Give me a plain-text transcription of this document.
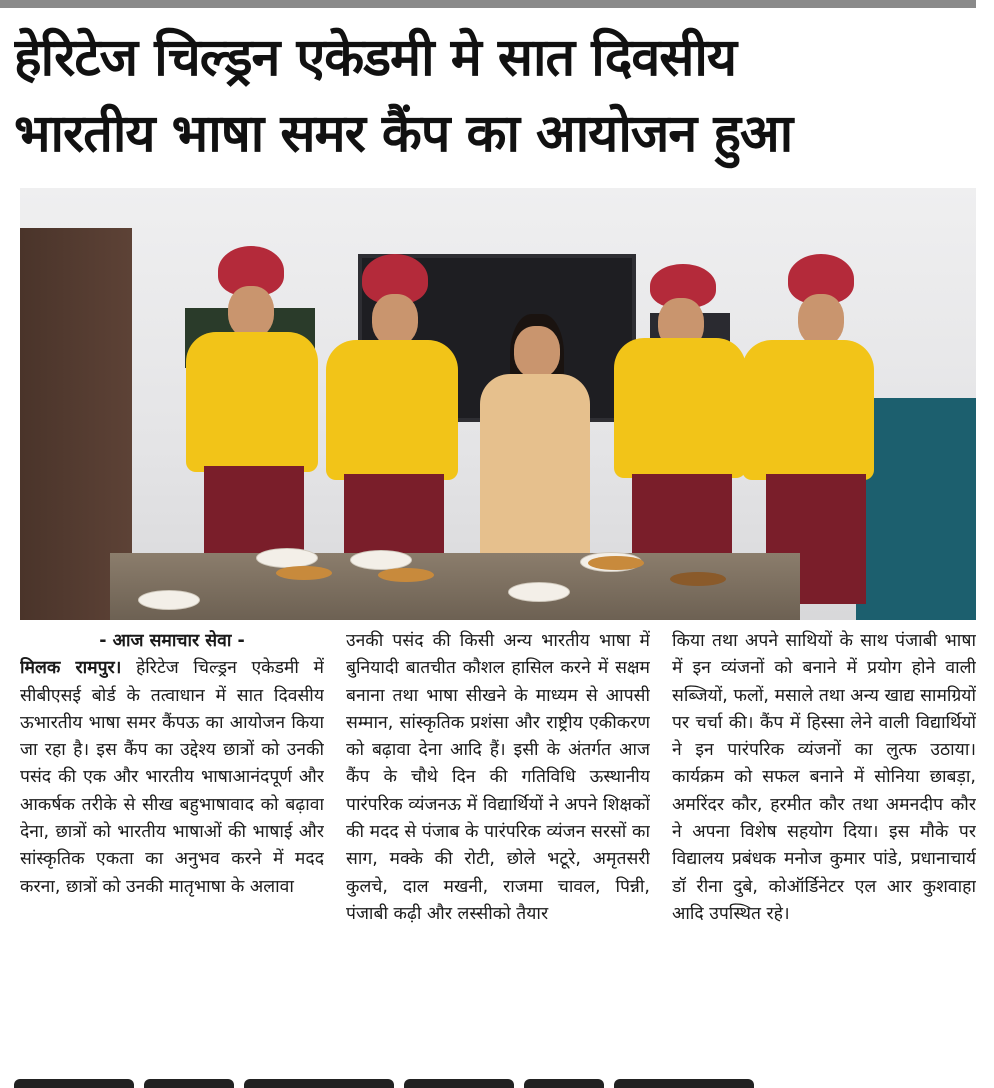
हेरिटेज चिल्ड्रन एकेडमी मे सात दिवसीय
भारतीय भाषा समर कैंप का आयोजन हुआ
- आज समाचार सेवा -

मिलक रामपुर। हेरिटेज चिल्ड्रन एकेडमी में सीबीएसई बोर्ड के तत्वाधान में सात दिवसीय ऊभारतीय भाषा समर कैंपऊ का आयोजन किया जा रहा है। इस कैंप का उद्देश्य छात्रों को उनकी पसंद की एक और भारतीय भाषाआनंदपूर्ण और आकर्षक तरीके से सीख बहुभाषावाद को बढ़ावा देना, छात्रों को भारतीय भाषाओं की भाषाई और सांस्कृतिक एकता का अनुभव करने में मदद करना, छात्रों को उनकी मातृभाषा के अलावा

उनकी पसंद की किसी अन्य भारतीय भाषा में बुनियादी बातचीत कौशल हासिल करने में सक्षम बनाना तथा भाषा सीखने के माध्यम से आपसी सम्मान, सांस्कृतिक प्रशंसा और राष्ट्रीय एकीकरण को बढ़ावा देना आदि हैं। इसी के अंतर्गत आज कैंप के चौथे दिन की गतिविधि ऊस्थानीय पारंपरिक व्यंजनऊ में विद्यार्थियों ने अपने शिक्षकों की मदद से पंजाब के पारंपरिक व्यंजन सरसों का साग, मक्के की रोटी, छोले भटूरे, अमृतसरी कुलचे, दाल मखनी, राजमा चावल, पिन्नी, पंजाबी कढ़ी और लस्सीको तैयार

किया तथा अपने साथियों के साथ पंजाबी भाषा में इन व्यंजनों को बनाने में प्रयोग होने वाली सब्जियों, फलों, मसाले तथा अन्य खाद्य सामग्रियों पर चर्चा की। कैंप में हिस्सा लेने वाली विद्यार्थियों ने इन पारंपरिक व्यंजनों का लुत्फ उठाया। कार्यक्रम को सफल बनाने में सोनिया छाबड़ा, अमरिंदर कौर, हरमीत कौर तथा अमनदीप कौर ने अपना विशेष सहयोग दिया। इस मौके पर विद्यालय प्रबंधक मनोज कुमार पांडे, प्रधानाचार्य डॉ रीना दुबे, कोऑर्डिनेटर एल आर कुशवाहा आदि उपस्थित रहे।
